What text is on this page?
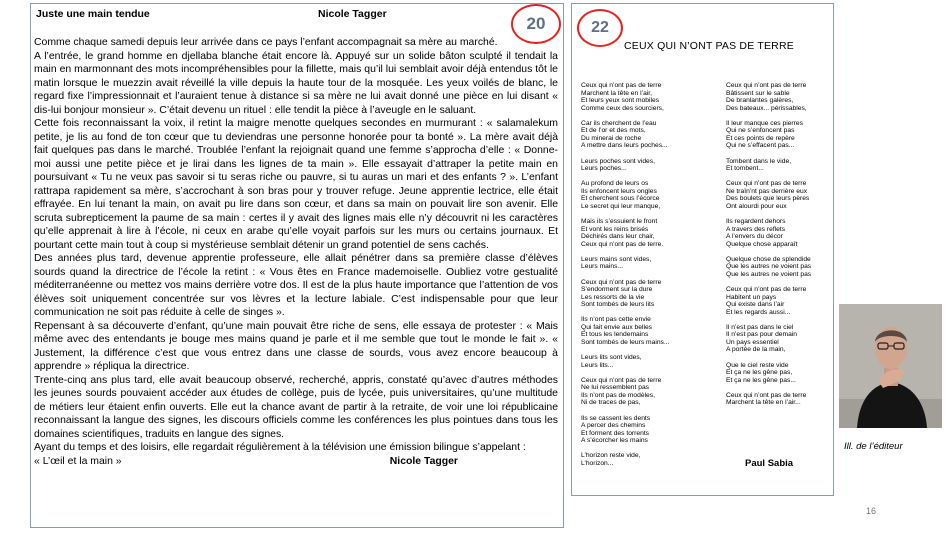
20
Juste une main tendue	Nicole Tagger

Comme chaque samedi depuis leur arrivée dans ce pays l’enfant accompagnait sa mère au marché.

A l’entrée, le grand homme en djellaba blanche était encore là. Appuyé sur un solide bâton sculpté il tendait la main en marmonnant des mots incompréhensibles pour la fillette, mais qu’il lui semblait avoir déjà entendus tôt le matin lorsque le muezzin avait réveillé la ville depuis la haute tour de la mosquée. Les yeux voilés de blanc, le regard fixe l’impressionnait et l’auraient tenue à distance si sa mère ne lui avait donné une pièce en lui disant « dis-lui bonjour monsieur ». C’était devenu un rituel : elle tendit la pièce à l’aveugle en le saluant.

Cette fois reconnaissant la voix, il retint la maigre menotte quelques secondes en murmurant : « salamalekum petite, je lis au fond de ton cœur que tu deviendras une personne honorée pour ta bonté ». La mère avait déjà fait quelques pas dans le marché. Troublée l’enfant la rejoignait quand une femme s’approcha d’elle : « Donne-moi aussi une petite pièce et je lirai dans les lignes de ta main ». Elle essayait d’attraper la petite main en poursuivant « Tu ne veux pas savoir si tu seras riche ou pauvre, si tu auras un mari et des enfants ? ». L’enfant rattrapa rapidement sa mère, s’accrochant à son bras pour y trouver refuge. Jeune apprentie lectrice, elle était effrayée. En lui tenant la main, on avait pu lire dans son cœur, et dans sa main on pouvait lire son avenir. Elle scruta subrepticement la paume de sa main : certes il y avait des lignes mais elle n’y découvrit ni les caractères qu’elle apprenait à lire à l’école, ni ceux en arabe qu’elle voyait parfois sur les murs ou certains journaux. Et pourtant cette main tout à coup si mystérieuse semblait détenir un grand potentiel de sens cachés.

Des années plus tard, devenue apprentie professeure, elle allait pénétrer dans sa première classe d’élèves sourds quand la directrice de l’école la retint : « Vous êtes en France mademoiselle. Oubliez votre gestualité méditerranéenne ou mettez vos mains derrière votre dos. Il est de la plus haute importance que l’attention de vos élèves soit uniquement concentrée sur vos lèvres et la lecture labiale. C’est indispensable pour que leur communication ne soit pas réduite à celle de singes ».

Repensant à sa découverte d’enfant, qu’une main pouvait être riche de sens, elle essaya de protester : « Mais même avec des entendants je bouge mes mains quand je parle et il me semble que tout le monde le fait ». « Justement, la différence c’est que vous entrez dans une classe de sourds, vous avez encore beaucoup à apprendre » répliqua la directrice.

Trente-cinq ans plus tard, elle avait beaucoup observé, recherché, appris, constaté qu’avec d’autres méthodes les jeunes sourds pouvaient accéder aux études de collège, puis de lycée, puis universitaires, qu’une multitude de métiers leur étaient enfin ouverts. Elle eut la chance avant de partir à la retraite, de voir une loi républicaine reconnaissant la langue des signes, les discours officiels comme les conférences les plus pointues dans tous les domaines scientifiques, traduits en langue des signes.

Ayant du temps et des loisirs, elle regardait régulièrement à la télévision une émission bilingue s’appelant :

« L’œil et la main »	Nicole Tagger
22
CEUX QUI N’ONT PAS DE TERRE
Ceux qui n’ont pas de terre
Marchent la tête en l’air,
Et leurs yeux sont mobiles
Comme ceux des sourciers,
Car ils cherchent de l’eau
Et de l’or et des mots,
Du minerai de roche
A mettre dans leurs poches...
Leurs poches sont vides,
Leurs poches...
Au profond de leurs os
Ils enfoncent leurs ongles
Et cherchent sous l’écorce
Le secret qui leur manque,
Mais ils s’essuient le front
Et vont les reins brisés
Déchirés dans leur chair,
Ceux qui n’ont pas de terre.
Leurs mains sont vides,
Leurs mains...
Ceux qui n’ont pas de terre
S’endorment sur la dure
Les ressorts de la vie
Sont tombés de leurs lits
Ils n’ont pas cette envie
Qui fait envie aux belles
Et tous les lendemains
Sont tombés de leurs mains...
Leurs lits sont vides,
Leurs lits...
Ceux qui n’ont pas de terre
Ne lui ressemblent pas
Ils n’ont pas de modèles,
Ni de traces de pas,
Ils se cassent les dents
A percer des chemins
Et forment des torrents
A s’écorcher les mains
L’horizon reste vide,
L’horizon...
Ceux qui n’ont pas de terre
Bâtissent sur le sable
De branlantes galères,
Des bateaux... périssables,
Il leur manque ces pierres
Qui ne s’enfoncent pas
Et ces points de repère
Qui ne s’effacent pas...
Tombent dans le vide,
Et tombent...
Ceux qui n’ont pas de terre
Ne traîn’nt pas derrière eux
Des boulets que leurs pères
Ont alourdi pour eux
Ils regardent dehors
A travers des reflets
A l’envers du décor
Quelque chose apparaît
Quelque chose de splendide
Que les autres ne voient pas
Que les autres ne voient pas
Ceux qui n’ont pas de terre
Habitent un pays
Qui existe dans l’air
Et les regards aussi...
Il n’est pas dans le ciel
Il n’est pas pour demain
Un pays essentiel
A portée de la main,
Que le ciel reste vide
Et ça ne les gêne pas,
Et ça ne les gêne pas...
Ceux qui n’ont pas de terre
Marchent la tête en l’air...
Paul Sabia
Ill. de l’éditeur
16
